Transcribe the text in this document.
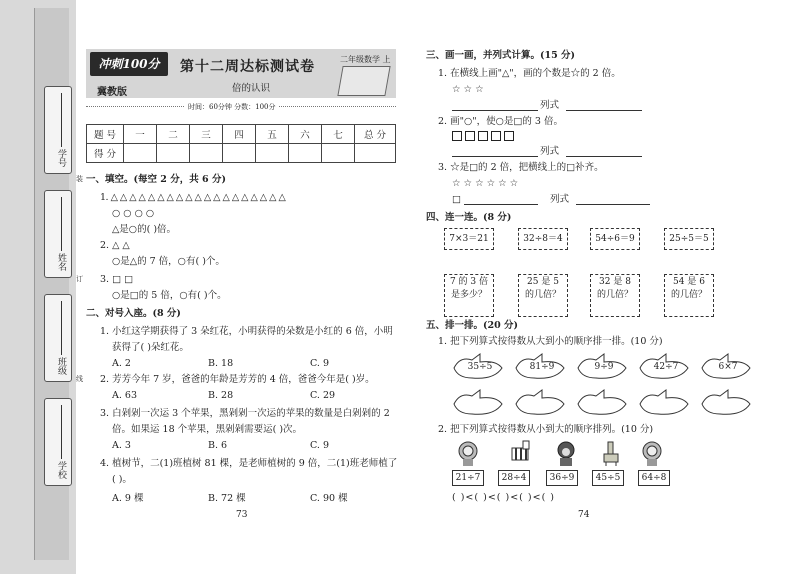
学号
姓名
班级
学校
装
订
线
冲刺100分
冀教版
第十二周达标测试卷	二年级数学 上
倍的认识
时间：60分钟 分数：100分
题 号	一	二	三	四	五	六	七	总 分
得 分								
一、填空。(每空 2 分，共 6 分)
1. △ △ △ △ △ △ △ △ △ △ △ △ △ △ △ △ △ △ △
○ ○ ○ ○
△是○的( )倍。
2. △ △
○是△的 7 倍，○有( )个。
3. □ □
○是□的 5 倍，○有( )个。
二、对号入座。(8 分)
1. 小红这学期获得了 3 朵红花，小明获得的朵数是小红的 6 倍，小明
获得了( )朵红花。
A. 2	B. 18	C. 9
2. 芳芳今年 7 岁，爸爸的年龄是芳芳的 4 倍，爸爸今年是( )岁。
A. 63	B. 28	C. 29
3. 白剁剁一次运 3 个苹果，黑剁剁一次运的苹果的数量是白剁剁的 2
倍。如果运 18 个苹果，黑剁剁需要运( )次。
A. 3	B. 6	C. 9
4. 植树节，二(1)班植树 81 棵，是老师植树的 9 倍，二(1)班老师植了
( )。
A. 9 棵	B. 72 棵	C. 90 棵
73
三、画一画，并列式计算。(15 分)
1. 在横线上画"△"，画的个数是☆的 2 倍。
☆ ☆ ☆
列式
2. 画"○"，使○是□的 3 倍。
列式
3. ☆是□的 2 倍，把横线上的□补齐。
☆ ☆ ☆ ☆ ☆ ☆
□	列式
四、连一连。(8 分)
7×3＝21	32÷8＝4	54÷6＝9	25÷5＝5
7 的 3 倍
是多少？
25 是 5
的几倍？
32 是 8
的几倍？
54 是 6
的几倍？
五、排一排。(20 分)
1. 把下列算式按得数从大到小的顺序排一排。(10 分)
35÷5	81÷9	9÷9	42÷7	6×7
2. 把下列算式按得数从小到大的顺序排列。(10 分)
21÷7	28÷4	36÷9	45÷5	64÷8
( )<( )<( )<( )<( )
74
